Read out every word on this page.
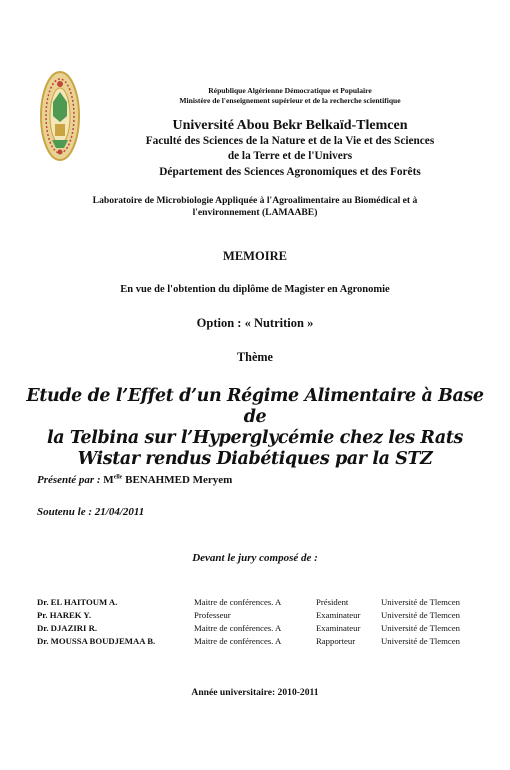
République Algérienne Démocratique et Populaire
Ministère de l'enseignement supérieur et de la recherche scientifique
Université Abou Bekr Belkaïd-Tlemcen
Faculté des Sciences de la Nature et de la Vie et des Sciences
de la Terre et de l'Univers
Département des Sciences Agronomiques et des Forêts
Laboratoire de Microbiologie Appliquée à l'Agroalimentaire au Biomédical et à
l'environnement (LAMAABE)
MEMOIRE
En vue de l'obtention du diplôme de Magister en Agronomie
Option : « Nutrition »
Thème
Etude de l’Effet d’un Régime Alimentaire à Base de
la Telbina sur l’Hyperglycémie chez les Rats
Wistar rendus Diabétiques par la STZ
Présenté par : $M^{elle}$ BENAHMED Meryem
Soutenu le : 21/04/2011
Devant le jury composé de :
Dr. EL HAITOUM A.	Maitre de conférences. A	Président	Université de Tlemcen
Pr. HAREK Y.	Professeur	Examinateur Université de Tlemcen
Dr. DJAZIRI R.	Maitre de conférences. A	Examinateur Université de Tlemcen
Dr. MOUSSA BOUDJEMAA B.	Maitre de conférences. A	Rapporteur	Université de Tlemcen
Année universitaire: 2010-2011
